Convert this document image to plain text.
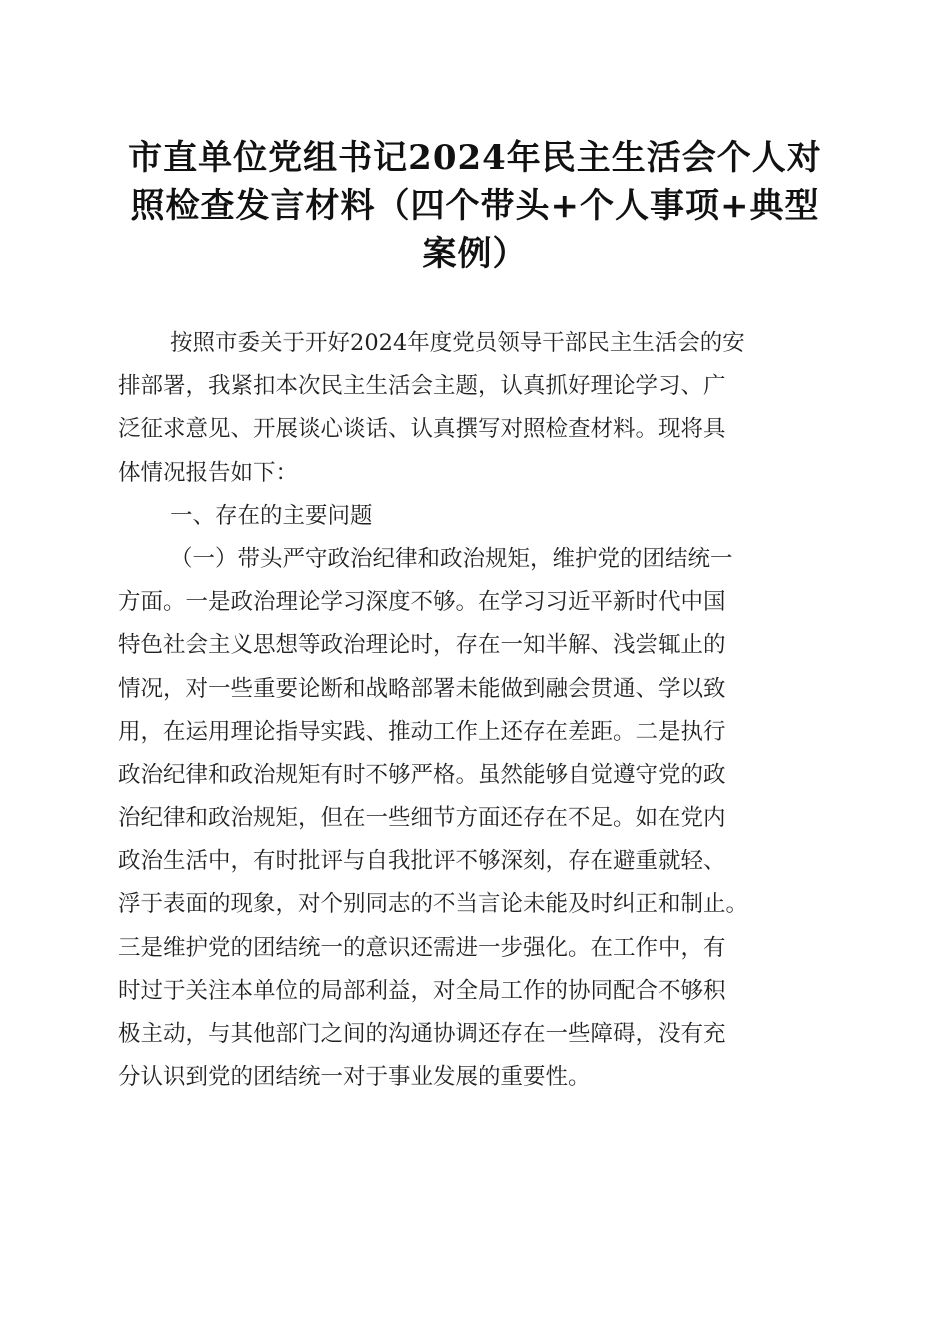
市直单位党组书记2024年民主生活会个人对
照检查发言材料（四个带头+个人事项+典型
案例）
按照市委关于开好2024年度党员领导干部民主生活会的安
排部署，我紧扣本次民主生活会主题，认真抓好理论学习、广
泛征求意见、开展谈心谈话、认真撰写对照检查材料。现将具
体情况报告如下：
一、存在的主要问题
（一）带头严守政治纪律和政治规矩，维护党的团结统一
方面。一是政治理论学习深度不够。在学习习近平新时代中国
特色社会主义思想等政治理论时，存在一知半解、浅尝辄止的
情况，对一些重要论断和战略部署未能做到融会贯通、学以致
用，在运用理论指导实践、推动工作上还存在差距。二是执行
政治纪律和政治规矩有时不够严格。虽然能够自觉遵守党的政
治纪律和政治规矩，但在一些细节方面还存在不足。如在党内
政治生活中，有时批评与自我批评不够深刻，存在避重就轻、
浮于表面的现象，对个别同志的不当言论未能及时纠正和制止。
三是维护党的团结统一的意识还需进一步强化。在工作中，有
时过于关注本单位的局部利益，对全局工作的协同配合不够积
极主动，与其他部门之间的沟通协调还存在一些障碍，没有充
分认识到党的团结统一对于事业发展的重要性。
